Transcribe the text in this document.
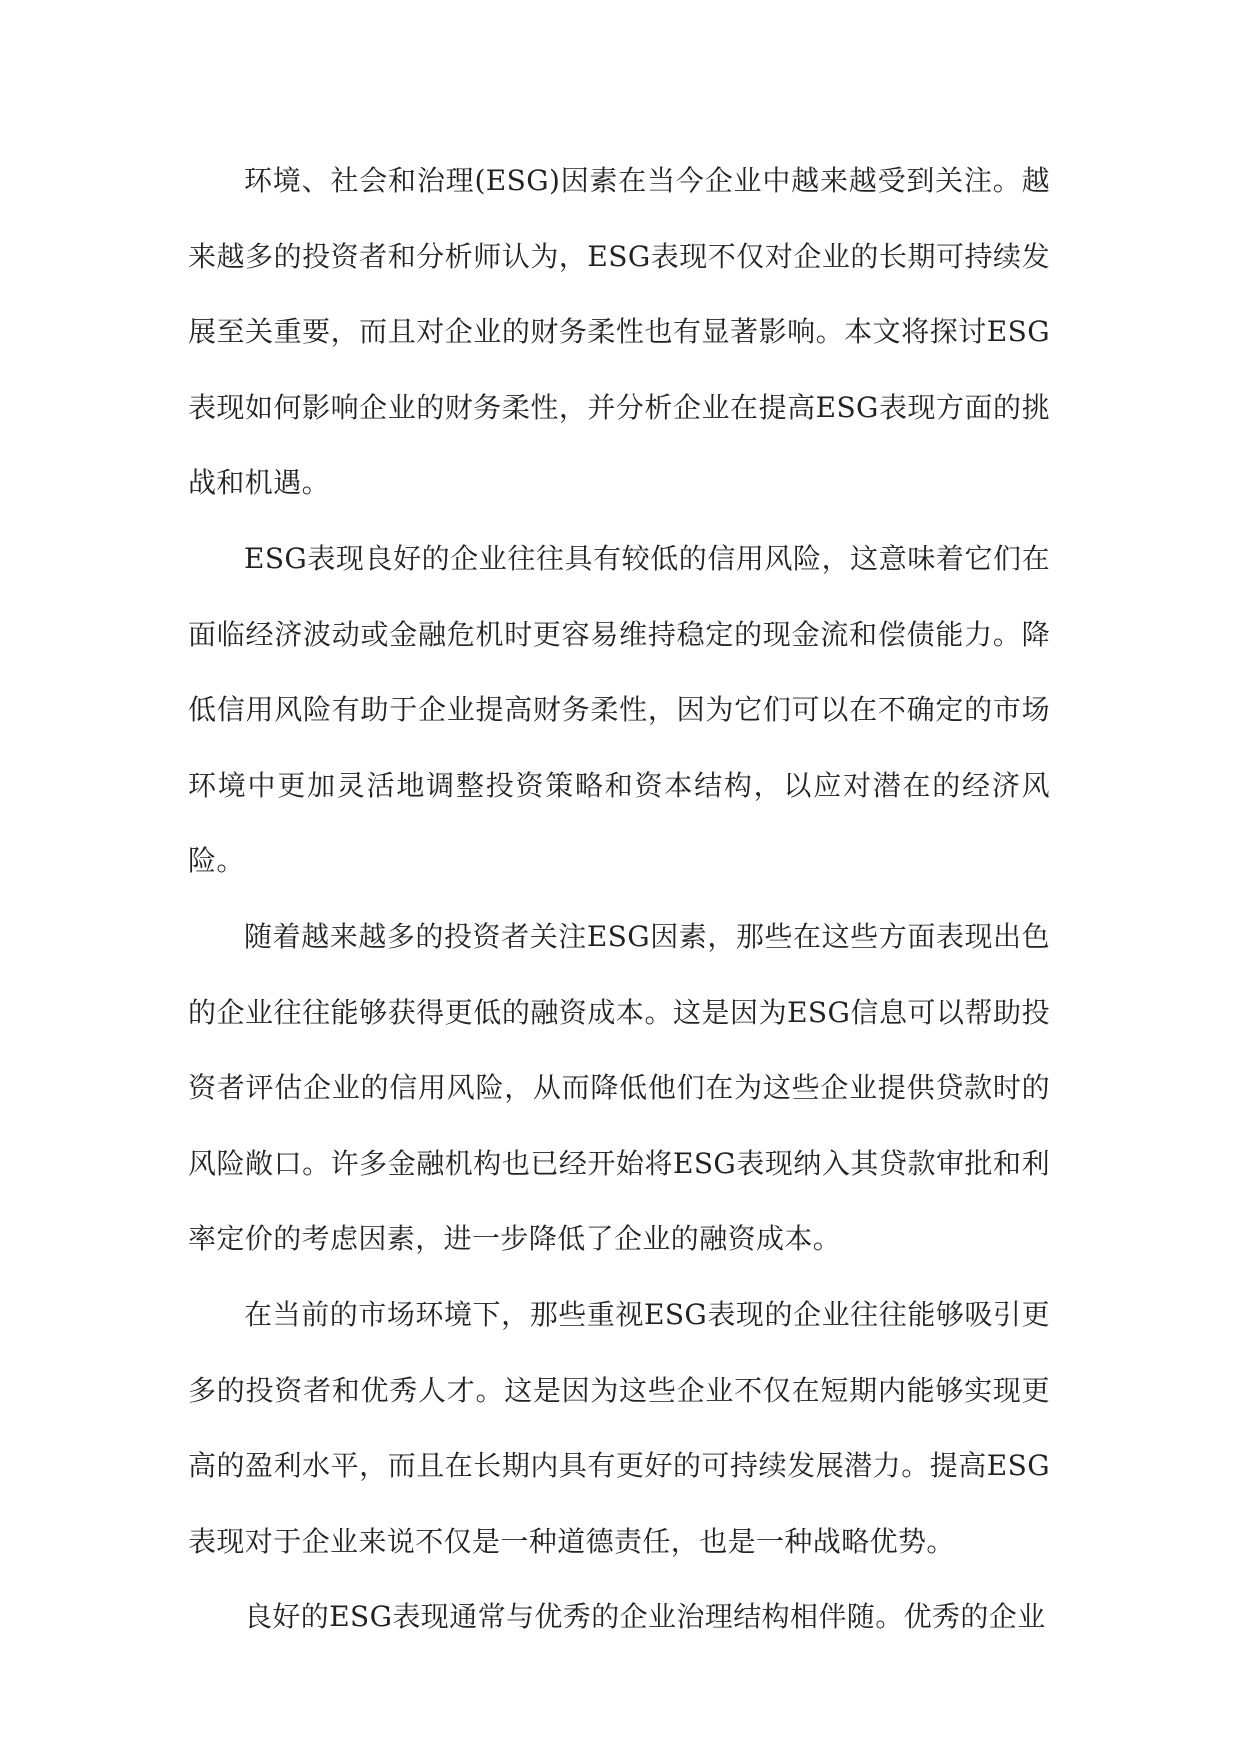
环境、社会和治理(ESG)因素在当今企业中越来越受到关注。越来越多的投资者和分析师认为，ESG表现不仅对企业的长期可持续发展至关重要，而且对企业的财务柔性也有显著影响。本文将探讨ESG表现如何影响企业的财务柔性，并分析企业在提高ESG表现方面的挑战和机遇。

ESG表现良好的企业往往具有较低的信用风险，这意味着它们在面临经济波动或金融危机时更容易维持稳定的现金流和偿债能力。降低信用风险有助于企业提高财务柔性，因为它们可以在不确定的市场环境中更加灵活地调整投资策略和资本结构，以应对潜在的经济风险。

随着越来越多的投资者关注ESG因素，那些在这些方面表现出色的企业往往能够获得更低的融资成本。这是因为ESG信息可以帮助投资者评估企业的信用风险，从而降低他们在为这些企业提供贷款时的风险敞口。许多金融机构也已经开始将ESG表现纳入其贷款审批和利率定价的考虑因素，进一步降低了企业的融资成本。

在当前的市场环境下，那些重视ESG表现的企业往往能够吸引更多的投资者和优秀人才。这是因为这些企业不仅在短期内能够实现更高的盈利水平，而且在长期内具有更好的可持续发展潜力。提高ESG表现对于企业来说不仅是一种道德责任，也是一种战略优势。

良好的ESG表现通常与优秀的企业治理结构相伴随。优秀的企业
